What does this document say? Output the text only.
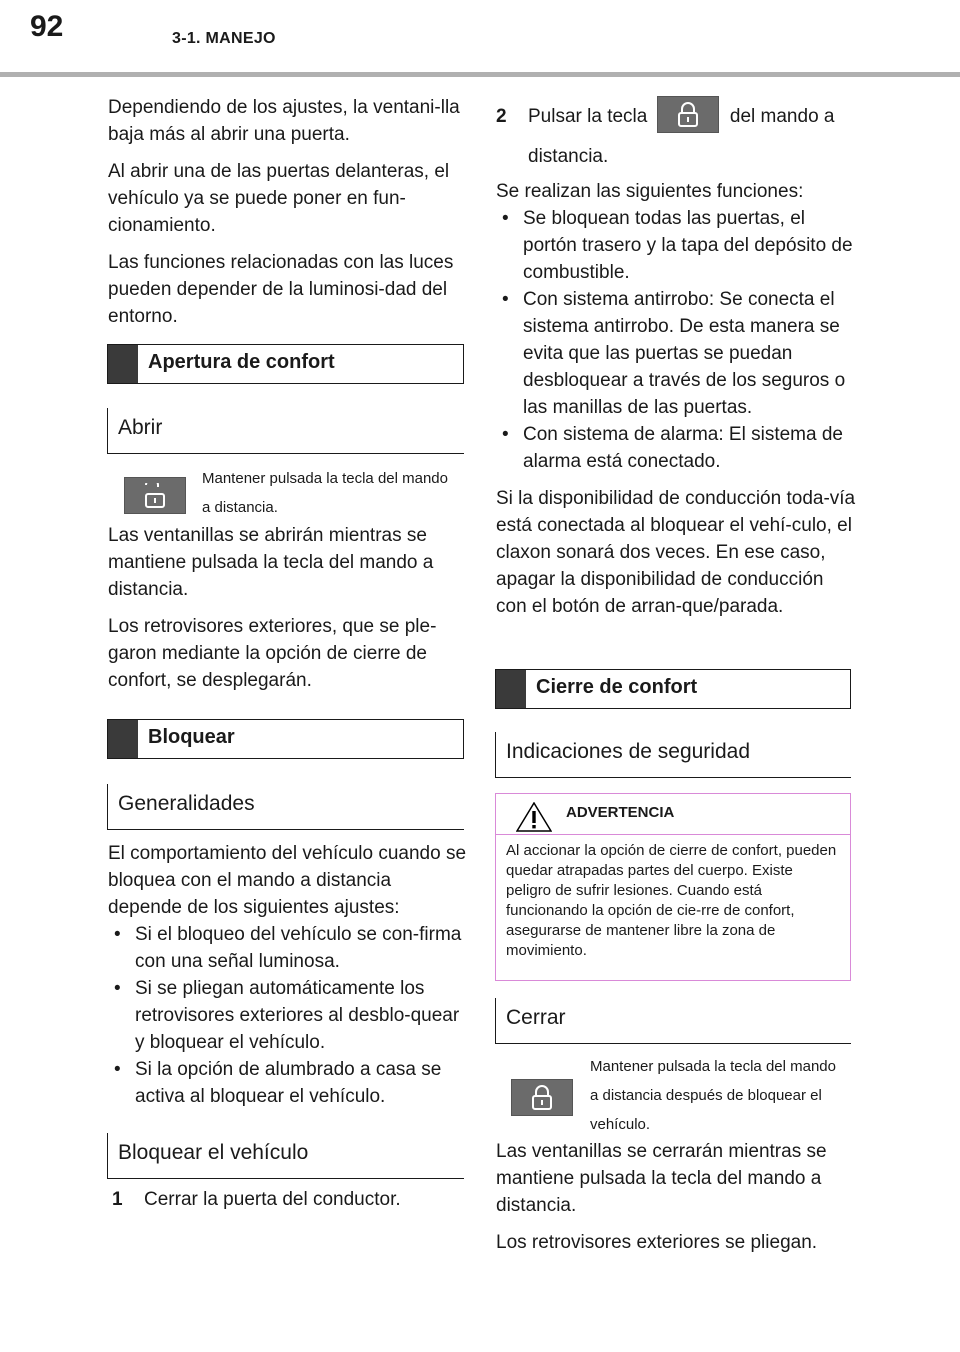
92	3-1. MANEJO

Dependiendo de los ajustes, la ventani-lla baja más al abrir una puerta.

Al abrir una de las puertas delanteras, el vehículo ya se puede poner en fun-cionamiento.

Las funciones relacionadas con las luces pueden depender de la luminosi-dad del entorno.

Apertura de confort
Abrir
Mantener pulsada la tecla del mando a distancia.

Las ventanillas se abrirán mientras se mantiene pulsada la tecla del mando a distancia.

Los retrovisores exteriores, que se ple-garon mediante la opción de cierre de confort, se desplegarán.

Bloquear
Generalidades

El comportamiento del vehículo cuando se bloquea con el mando a distancia depende de los siguientes ajustes:

• Si el bloqueo del vehículo se con-firma con una señal luminosa.
• Si se pliegan automáticamente los retrovisores exteriores al desblo-quear y bloquear el vehículo.
• Si la opción de alumbrado a casa se activa al bloquear el vehículo.
Bloquear el vehículo
1 Cerrar la puerta del conductor.
2 Pulsar la tecla	del mando a
distancia.

Se realizan las siguientes funciones:

• Se bloquean todas las puertas, el portón trasero y la tapa del depósito de combustible.
• Con sistema antirrobo: Se conecta el sistema antirrobo. De esta manera se evita que las puertas se puedan desbloquear a través de los seguros o las manillas de las puertas.
• Con sistema de alarma: El sistema de alarma está conectado.

Si la disponibilidad de conducción toda-vía está conectada al bloquear el vehí-culo, el claxon sonará dos veces. En ese caso, apagar la disponibilidad de conducción con el botón de arran-que/parada.

Cierre de confort
Indicaciones de seguridad
ADVERTENCIA
Al accionar la opción de cierre de confort, pueden quedar atrapadas partes del cuerpo. Existe peligro de sufrir lesiones. Cuando está funcionando la opción de cie-rre de confort, asegurarse de mantener libre la zona de movimiento.
Cerrar
Mantener pulsada la tecla del mando a distancia después de bloquear el vehículo.

Las ventanillas se cerrarán mientras se mantiene pulsada la tecla del mando a distancia.

Los retrovisores exteriores se pliegan.
